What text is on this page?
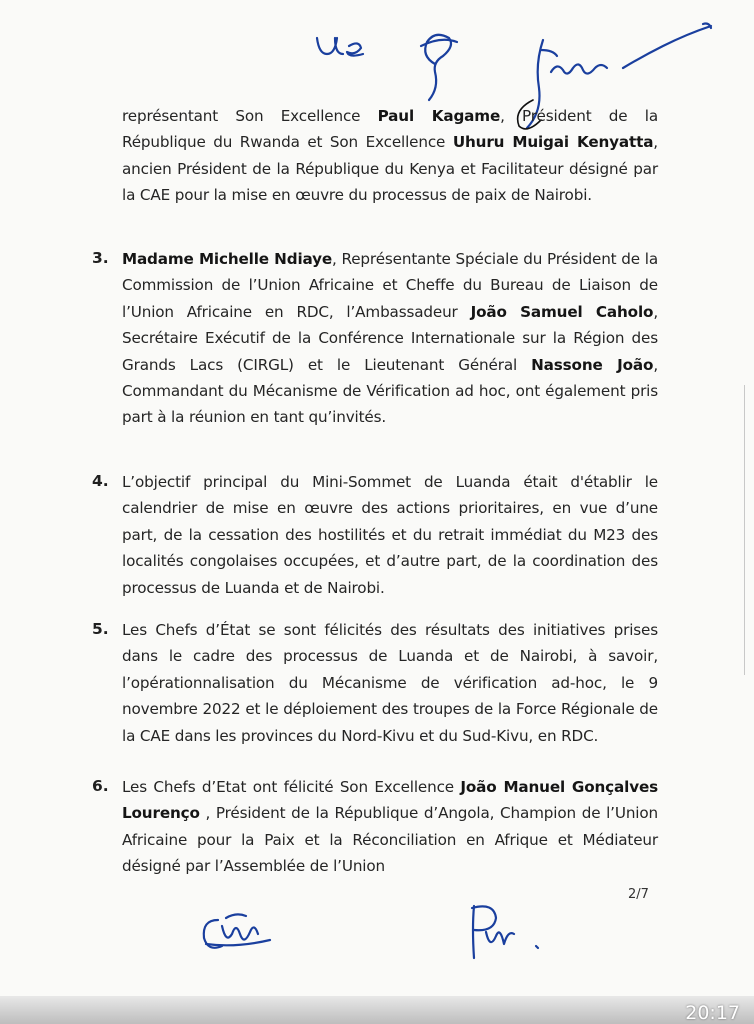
représentant Son Excellence Paul Kagame, Président de la République du Rwanda et Son Excellence Uhuru Muigai Kenyatta, ancien Président de la République du Kenya et Facilitateur désigné par la CAE pour la mise en œuvre du processus de paix de Nairobi.
3. Madame Michelle Ndiaye, Représentante Spéciale du Président de la Commission de l’Union Africaine et Cheffe du Bureau de Liaison de l’Union Africaine en RDC, l’Ambassadeur João Samuel Caholo, Secrétaire Exécutif de la Conférence Internationale sur la Région des Grands Lacs (CIRGL) et le Lieutenant Général Nassone João, Commandant du Mécanisme de Vérification ad hoc, ont également pris part à la réunion en tant qu’invités.
4. L’objectif principal du Mini-Sommet de Luanda était d'établir le calendrier de mise en œuvre des actions prioritaires, en vue d’une part, de la cessation des hostilités et du retrait immédiat du M23 des localités congolaises occupées, et d’autre part, de la coordination des processus de Luanda et de Nairobi.
5. Les Chefs d’État se sont félicités des résultats des initiatives prises dans le cadre des processus de Luanda et de Nairobi, à savoir, l’opérationnalisation du Mécanisme de vérification ad-hoc, le 9 novembre 2022 et le déploiement des troupes de la Force Régionale de la CAE dans les provinces du Nord-Kivu et du Sud-Kivu, en RDC.
6. Les Chefs d’Etat ont félicité Son Excellence João Manuel Gonçalves Lourenço , Président de la République d’Angola, Champion de l’Union Africaine pour la Paix et la Réconciliation en Afrique et Médiateur désigné par l’Assemblée de l’Union
2/7
20:17
